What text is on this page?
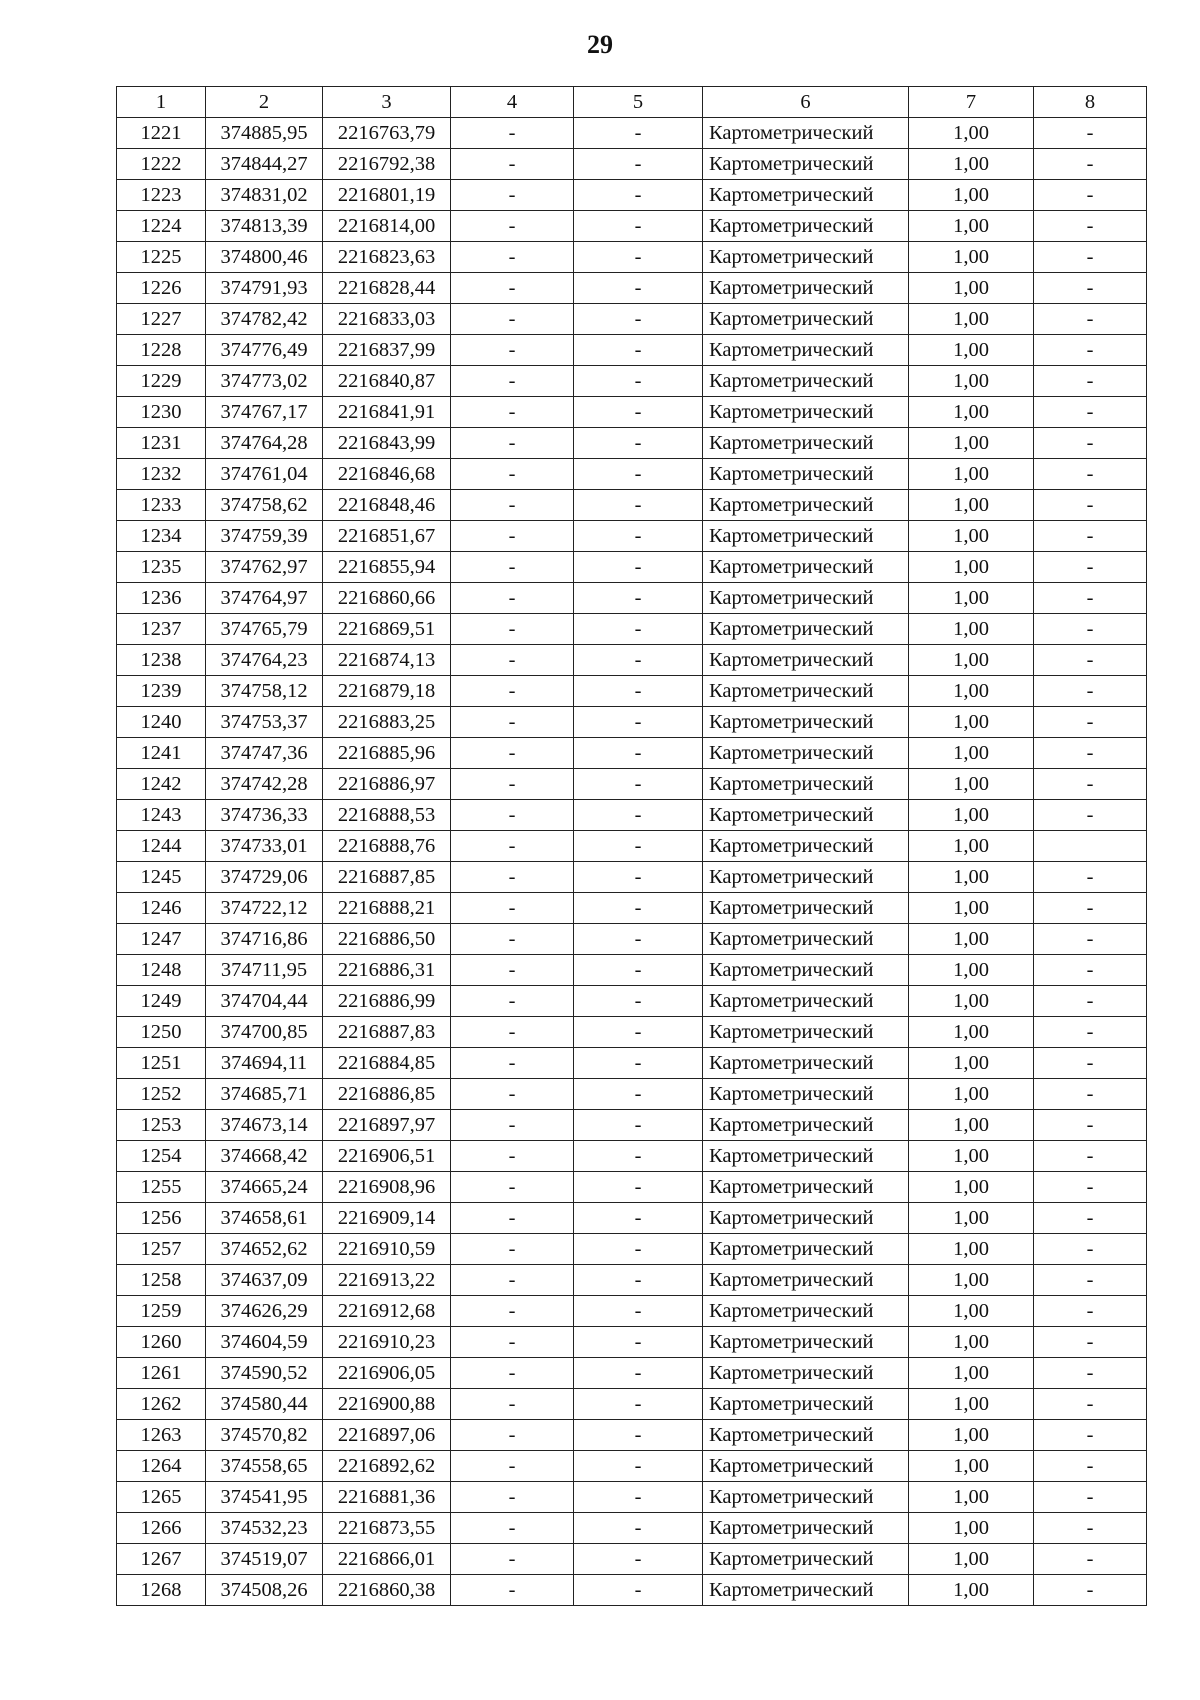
29
1	2	3	4	5	6	7	8
1221	374885,95	2216763,79	-	-	Картометрический	1,00	-
1222	374844,27	2216792,38	-	-	Картометрический	1,00	-
1223	374831,02	2216801,19	-	-	Картометрический	1,00	-
1224	374813,39	2216814,00	-	-	Картометрический	1,00	-
1225	374800,46	2216823,63	-	-	Картометрический	1,00	-
1226	374791,93	2216828,44	-	-	Картометрический	1,00	-
1227	374782,42	2216833,03	-	-	Картометрический	1,00	-
1228	374776,49	2216837,99	-	-	Картометрический	1,00	-
1229	374773,02	2216840,87	-	-	Картометрический	1,00	-
1230	374767,17	2216841,91	-	-	Картометрический	1,00	-
1231	374764,28	2216843,99	-	-	Картометрический	1,00	-
1232	374761,04	2216846,68	-	-	Картометрический	1,00	-
1233	374758,62	2216848,46	-	-	Картометрический	1,00	-
1234	374759,39	2216851,67	-	-	Картометрический	1,00	-
1235	374762,97	2216855,94	-	-	Картометрический	1,00	-
1236	374764,97	2216860,66	-	-	Картометрический	1,00	-
1237	374765,79	2216869,51	-	-	Картометрический	1,00	-
1238	374764,23	2216874,13	-	-	Картометрический	1,00	-
1239	374758,12	2216879,18	-	-	Картометрический	1,00	-
1240	374753,37	2216883,25	-	-	Картометрический	1,00	-
1241	374747,36	2216885,96	-	-	Картометрический	1,00	-
1242	374742,28	2216886,97	-	-	Картометрический	1,00	-
1243	374736,33	2216888,53	-	-	Картометрический	1,00	-
1244	374733,01	2216888,76	-	-	Картометрический	1,00	
1245	374729,06	2216887,85	-	-	Картометрический	1,00	-
1246	374722,12	2216888,21	-	-	Картометрический	1,00	-
1247	374716,86	2216886,50	-	-	Картометрический	1,00	-
1248	374711,95	2216886,31	-	-	Картометрический	1,00	-
1249	374704,44	2216886,99	-	-	Картометрический	1,00	-
1250	374700,85	2216887,83	-	-	Картометрический	1,00	-
1251	374694,11	2216884,85	-	-	Картометрический	1,00	-
1252	374685,71	2216886,85	-	-	Картометрический	1,00	-
1253	374673,14	2216897,97	-	-	Картометрический	1,00	-
1254	374668,42	2216906,51	-	-	Картометрический	1,00	-
1255	374665,24	2216908,96	-	-	Картометрический	1,00	-
1256	374658,61	2216909,14	-	-	Картометрический	1,00	-
1257	374652,62	2216910,59	-	-	Картометрический	1,00	-
1258	374637,09	2216913,22	-	-	Картометрический	1,00	-
1259	374626,29	2216912,68	-	-	Картометрический	1,00	-
1260	374604,59	2216910,23	-	-	Картометрический	1,00	-
1261	374590,52	2216906,05	-	-	Картометрический	1,00	-
1262	374580,44	2216900,88	-	-	Картометрический	1,00	-
1263	374570,82	2216897,06	-	-	Картометрический	1,00	-
1264	374558,65	2216892,62	-	-	Картометрический	1,00	-
1265	374541,95	2216881,36	-	-	Картометрический	1,00	-
1266	374532,23	2216873,55	-	-	Картометрический	1,00	-
1267	374519,07	2216866,01	-	-	Картометрический	1,00	-
1268	374508,26	2216860,38	-	-	Картометрический	1,00	-
